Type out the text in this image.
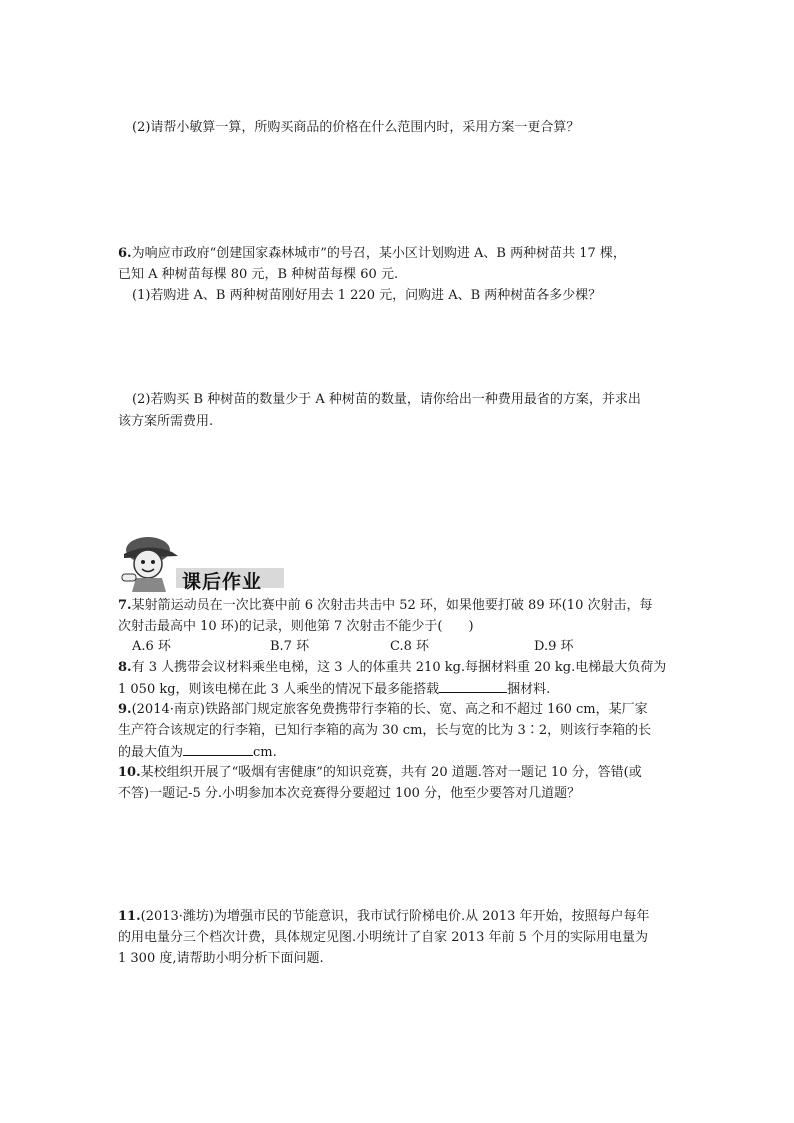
(2)请帮小敏算一算，所购买商品的价格在什么范围内时，采用方案一更合算？
6.为响应市政府“创建国家森林城市”的号召，某小区计划购进 A、B 两种树苗共 17 棵，
已知 A 种树苗每棵 80 元，B 种树苗每棵 60 元.
(1)若购进 A、B 两种树苗刚好用去 1 220 元，问购进 A、B 两种树苗各多少棵？
(2)若购买 B 种树苗的数量少于 A 种树苗的数量，请你给出一种费用最省的方案，并求出
该方案所需费用.
课后作业
7.某射箭运动员在一次比赛中前 6 次射击共击中 52 环，如果他要打破 89 环(10 次射击，每
次射击最高中 10 环)的记录，则他第 7 次射击不能少于(　　)
A.6 环	B.7 环	C.8 环	D.9 环
8.有 3 人携带会议材料乘坐电梯，这 3 人的体重共 210 kg.每捆材料重 20 kg.电梯最大负荷为
1 050 kg，则该电梯在此 3 人乘坐的情况下最多能搭载	捆材料.
9.(2014·南京)铁路部门规定旅客免费携带行李箱的长、宽、高之和不超过 160 cm，某厂家
生产符合该规定的行李箱，已知行李箱的高为 30 cm，长与宽的比为 3∶2，则该行李箱的长
的最大值为	cm.
10.某校组织开展了“吸烟有害健康”的知识竞赛，共有 20 道题.答对一题记 10 分，答错(或
不答)一题记-5 分.小明参加本次竞赛得分要超过 100 分，他至少要答对几道题？
11.(2013·潍坊)为增强市民的节能意识，我市试行阶梯电价.从 2013 年开始，按照每户每年
的用电量分三个档次计费，具体规定见图.小明统计了自家 2013 年前 5 个月的实际用电量为
1 300 度,请帮助小明分析下面问题.
